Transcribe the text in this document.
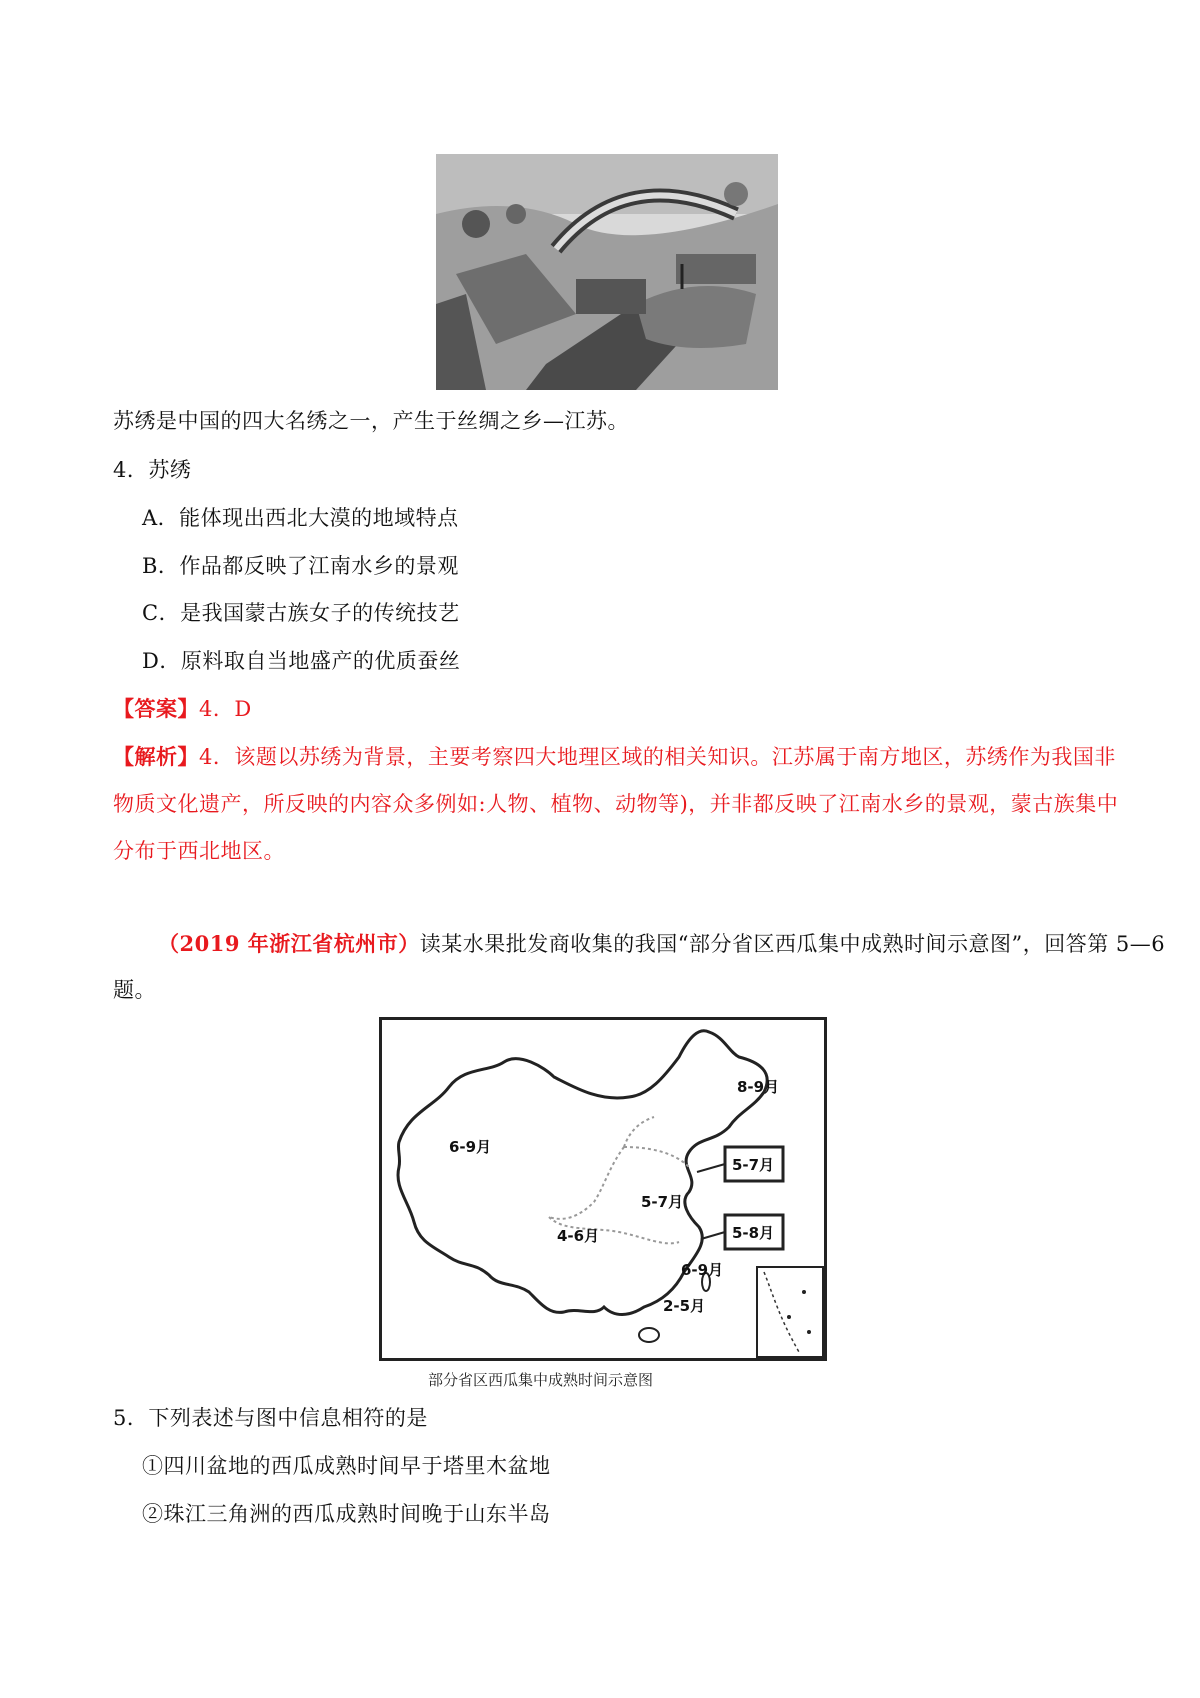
苏绣是中国的四大名绣之一，产生于丝绸之乡—江苏。
4．苏绣
A．能体现出西北大漠的地域特点
B．作品都反映了江南水乡的景观
C．是我国蒙古族女子的传统技艺
D．原料取自当地盛产的优质蚕丝
【答案】4．D
【解析】4．该题以苏绣为背景，主要考察四大地理区域的相关知识。江苏属于南方地区，苏绣作为我国非
物质文化遗产，所反映的内容众多例如:人物、植物、动物等)，并非都反映了江南水乡的景观，蒙古族集中
分布于西北地区。
（2019 年浙江省杭州市）读某水果批发商收集的我国“部分省区西瓜集中成熟时间示意图”，回答第 5—6
题。
8-9月
6-9月
5-7月
5-7月
5-8月
4-6月
6-9月
2-5月
部分省区西瓜集中成熟时间示意图
5．下列表述与图中信息相符的是
①四川盆地的西瓜成熟时间早于塔里木盆地
②珠江三角洲的西瓜成熟时间晚于山东半岛
